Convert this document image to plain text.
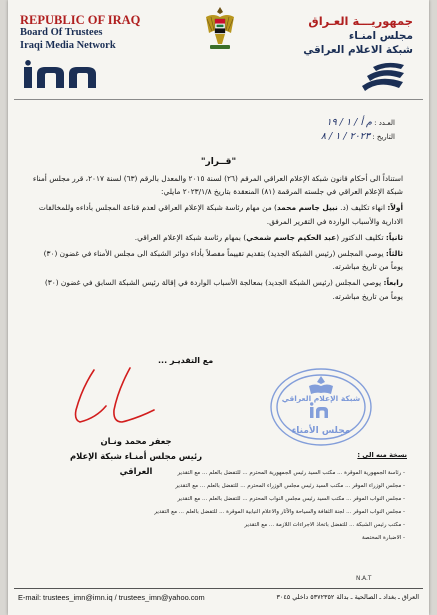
REPUBLIC OF IRAQ
Board Of Trustees
Iraqi Media Network
جمهوريـــة العـراق
مجلس امنـاء
شبكة الاعلام العراقي
العـدد : م أ / ١ / ١٩
التاريخ : ٢٠٢٣ / ١ / ٨
"قــرار"

استناداً الى أحكام قانون شبكة الإعلام العراقي المرقم (٢٦) لسنة ٢٠١٥ والمعدل بالرقم (٦٣) لسنة ٢٠١٧، قرر مجلس أمناء شبكة الإعلام العراقي في جلسته المرقمة (٨١) المنعقدة بتاريخ ٢٠٢٣/١/٨ مايلي:

أولاً: انهاء تكليف (د. نبيل جاسم محمد) من مهام رئاسة شبكة الإعلام العراقي لعدم قناعة المجلس بأداءه وللمخالفات الادارية والأسباب الواردة في التقرير المرفق.

ثانياً: تكليف الدكتور (عبد الحكيم جاسم شمخي) بمهام رئاسة شبكة الإعلام العراقي.

ثالثاً: يوصي المجلس (رئيس الشبكة الجديد) بتقديم تقييماً مفصلاً بأداء دوائر الشبكة الى مجلس الأمناء في غضون (٣٠) يوماً من تاريخ مباشرته.

رابعاً: يوصي المجلس (رئيس الشبكة الجديد) بمعالجة الأسباب الواردة في إقالة رئيس الشبكة السابق في غضون (٣٠) يوماً من تاريخ مباشرته.

مع التقديـر ...
شبكة الإعلام العراقي
مجلس الأمناء
جعفر محمد ونـان
رئيس مجلس أمنـاء شبكة الإعلام العراقي
نسخة منه الى :
- رئاسة الجمهورية الموقرة ... مكتب السيد رئيس الجمهورية المحترم ... للتفضل بالعلم ... مع التقدير
- مجلس الوزراء الموقر ... مكتب السيد رئيس مجلس الوزراء المحترم ... للتفضل بالعلم ... مع التقدير
- مجلس النواب الموقر ... مكتب السيد رئيس مجلس النواب المحترم ... للتفضل بالعلم ... مع التقدير
- مجلس النواب الموقر ... لجنة الثقافة والسياحة والآثار والاعلام النيابية الموقرة ... للتفضل بالعلم ... مع التقدير
- مكتب رئيس الشبكة ... للتفضل باتخاذ الاجراءات اللازمة ... مع التقدير
- الاضبارة المختصة
N.A.T
E-mail: trustees_imn@imn.iq / trustees_imn@yahoo.com	العراق ـ بغداد ـ الصالحية ـ بدالة ٥٣٧٢٣٥٢ داخلي ٣٠٤٥
